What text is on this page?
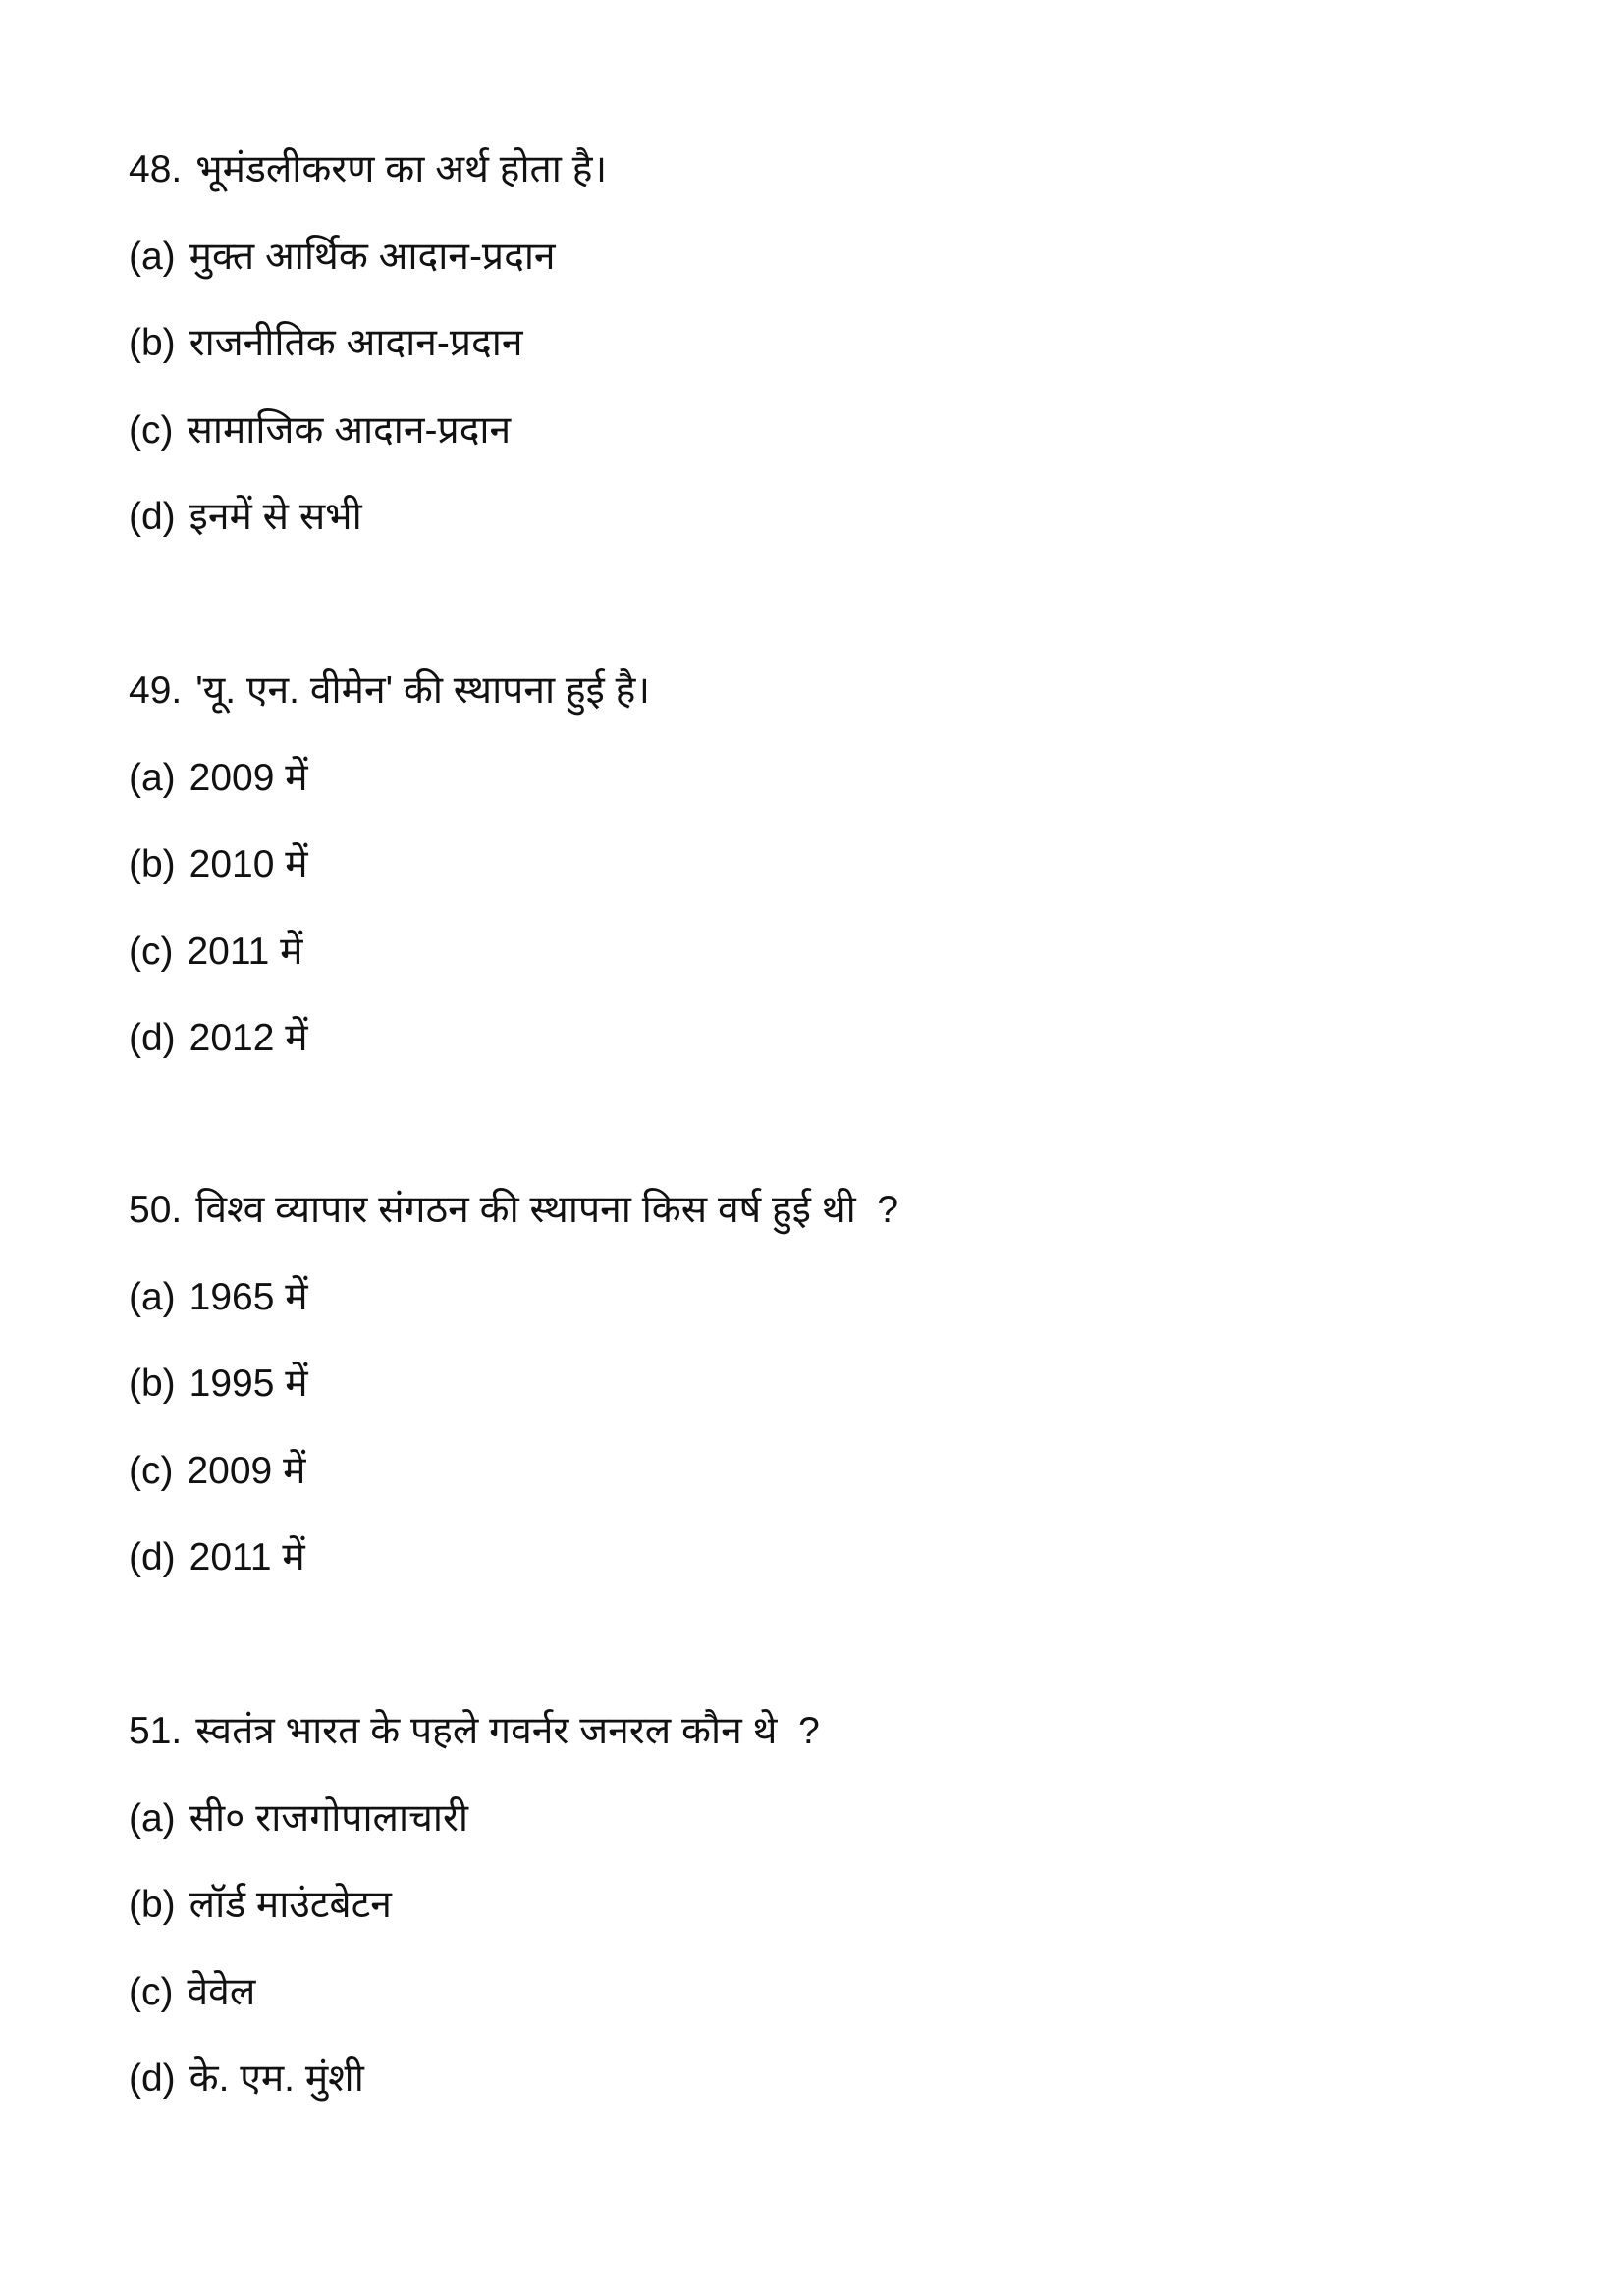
48. भूमंडलीकरण का अर्थ होता है।
(a) मुक्त आर्थिक आदान-प्रदान
(b) राजनीतिक आदान-प्रदान
(c) सामाजिक आदान-प्रदान
(d) इनमें से सभी
49. 'यू. एन. वीमेन' की स्थापना हुई है।
(a) 2009 में
(b) 2010 में
(c) 2011 में
(d) 2012 में
50. विश्व व्यापार संगठन की स्थापना किस वर्ष हुई थी  ?
(a) 1965 में
(b) 1995 में
(c) 2009 में
(d) 2011 में
51. स्वतंत्र भारत के पहले गवर्नर जनरल कौन थे  ?
(a) सी० राजगोपालाचारी
(b) लॉर्ड माउंटबेटन
(c) वेवेल
(d) के. एम. मुंशी
